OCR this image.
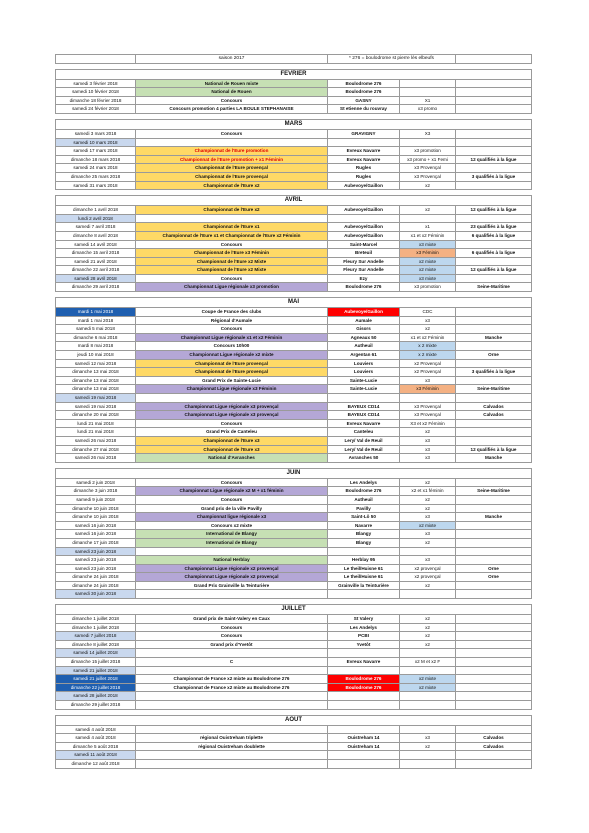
	saison 2017	* 276 = boulodrome st pierre lès elbeufs		

FEVRIER				
samedi 3 février 2018	National de Rouen mixte	Boulodrome 276		
samedi 10 février 2018	National de Rouen	Boulodrome 276		
dimanche 18 février 2018	Concours	GASNY	X1	
samedi 24 février 2018	Concours promotion 4 parties LA BOULE STEPHANAISE	St etienne du rouvray	x3 promo	

MARS				
samedi 3 mars 2018	Concours	GRAVIGNY	X3	
samedi 10 mars 2018				
samedi 17 mars 2018	Championnat de l'Eure promotion	Evreux Navarre	x3 promotion	
dimanche 18 mars 2018	Championnat de l'Eure promotion + x1 Féminin	Evreux Navarre	x3 promo + x1 Femi	12 qualifiés à la ligue
samedi 24 mars 2018	Championnat de l'Eure provençal	Rugles	x3 Provençal	
dimanche 25 mars 2018	Championnat de l'Eure provençal	Rugles	x3 Provençal	3 qualifiés à la ligue
samedi 31 mars 2018	Championnat de l'Eure x2	Aubevoye/Gaillon	x2	

AVRIL				
dimanche 1 avril 2018	Championnat de l'Eure x2	Aubevoye/Gaillon	x2	12 qualifiés à la ligue
lundi 2 avril 2018				
samedi 7 avril 2018	Championnat de l'Eure x1	Aubevoye/Gaillon	x1	23 qualifiés à la ligue
dimanche 8 avril 2018	Championnat de l'Eure x1 et Championnat de l'Eure x2 Féminin	Aubevoye/Gaillon	x1 et x2 Féminin	6 qualifiés à la ligue
samedi 14 avril 2018	Concours	Saint-Marcel	x3 mixte	
dimanche 15 avril 2018	Championnat de l'Eure x3 Féminin	Breteuil	x3 Féminin	6 qualifiés à la ligue
samedi 21 avril 2018	Championnat de l'Eure x2 Mixte	Fleury Sur Andelle	x2 mixte	
dimanche 22 avril 2018	Championnat de l'Eure x2 Mixte	Fleury Sur Andelle	x2 mixte	12 qualifiés à la ligue
samedi 28 avril 2018	Concours	Ezy	x3 mixte	
dimanche 29 avril 2018	Championnat Ligue régionale x3 promotion	Boulodrome 276	x3 promotion	Seine-Maritime

MAI				
mardi 1 mai 2018	Coupe de France des clubs	Aubevoye/Gaillon	CDC	
mardi 1 mai 2018	Régional d'Aumale	Aumale	x3	
samedi 5 mai 2018	Concours	Gisors	x2	
dimanche 6 mai 2018	Championnat Ligue régionale x1 et x2 Féminin	Agneaux 50	x1 et x2 Féminin	Manche
mardi 8 mai 2018	Concours 10h00	Autheuil	x 2 mixte	
jeudi 10 mai 2018	Championnat Ligue régionale x2 mixte	Argentan 61	x 2 mixte	Orne
samedi 12 mai 2018	Championnat de l'Eure provençal	Louviers	x2 Provençal	
dimanche 13 mai 2018	Championnat de l'Eure provençal	Louviers	x2 Provençal	3 qualifiés à la ligue
dimanche 13 mai 2018	Grand Prix de Sainte-Lucie	Sainte-Lucie	x3	
dimanche 13 mai 2018	Championnat Ligue régionale x3 Féminin	Sainte-Lucie	x3 Féminin	Seine-Maritime
samedi 19 mai 2018				
samedi 19 mai 2018	Championnat Ligue régionale x3 provençal	BAYEUX CD14	x3 Provençal	Calvados
dimanche 20 mai 2018	Championnat Ligue régionale x3 provençal	BAYEUX CD14	x3 Provençal	Calvados
lundi 21 mai 2018	Concours	Evreux Navarre	X3 et x2 Féminin	
lundi 21 mai 2018	Grand Prix de Canteleu	Canteleu	x2	
samedi 26 mai 2018	Championnat de l'Eure x3	Lery/ Val de Reuil	x3	
dimanche 27 mai 2018	Championnat de l'Eure x3	Lery/ Val de Reuil	x3	12 qualifiés à la ligue
samedi 26 mai 2018	National d'Avranches	Avranches 50	x3	Manche

JUIN				
samedi 2 juin 2018	Concours	Les Andelys	x2	
dimanche 3 juin 2018	Championnat Ligue régionale x2 M + x1 féminin	Boulodrome 276	x2 et x1 féminin	Seine-Maritime
samedi 9 juin 2018	Concours	Autheuil	x2	
dimanche 10 juin 2018	Grand prix de la ville Pavilly	Pavilly	x2	
dimanche 10 juin 2018	Championnat ligue régionale x3	Saint-Lô 50	x3	Manche
samedi 16 juin 2018	Concours x2 mixte	Navarre	x2 mixte	
samedi 16 juin 2018	International de Blangy	Blangy	x3	
dimanche 17 juin 2018	International de Blangy	Blangy	x2	
samedi 23 juin 2018				
samedi 23 juin 2018	National Herblay	Herblay 95	x3	
samedi 23 juin 2018	Championnat Ligue régionale x2 provençal	Le theil/Huisne 61	x2 provençal	Orne
dimanche 24 juin 2018	Championnat Ligue régionale x2 provençal	Le theil/Huisne 61	x2 provençal	Orne
dimanche 24 juin 2018	Grand Prix Grainville la Teinturière	Grainville la Teinturière	x2	
samedi 30 juin 2018				

JUILLET				
dimanche 1 juillet 2018	Grand prix de Saint-Valery en Caux	St Valery	x2	
dimanche 1 juillet 2018	Concours	Les Andelys	x2	
samedi 7 juillet 2018	Concours	PCBI	x2	
dimanche 8 juillet 2018	Grand prix d'Yvetôt	Yvetôt	x2	
samedi 14 juillet 2018				
dimanche 15 juillet 2018	C	Evreux Navarre	x2 M et x2 F	
samedi 21 juillet 2018				
samedi 21 juillet 2018	Championnat de France x2 mixte au Boulodrome 276	Boulodrome 276	x2 mixte	
dimanche 22 juillet 2018	Championnat de France x2 mixte au Boulodrome 276	Boulodrome 276	x2 mixte	
samedi 28 juillet 2018				
dimanche 29 juillet 2018				

AOUT				
samedi 4 août 2018				
samedi 4 août 2018	régional Ouistreham triplette	Ouistreham 14	x3	Calvados
dimanche 5 août 2018	régional Ouistreham doublette	Ouistreham 14	x2	Calvados
samedi 11 août 2018				
dimanche 12 août 2018				
